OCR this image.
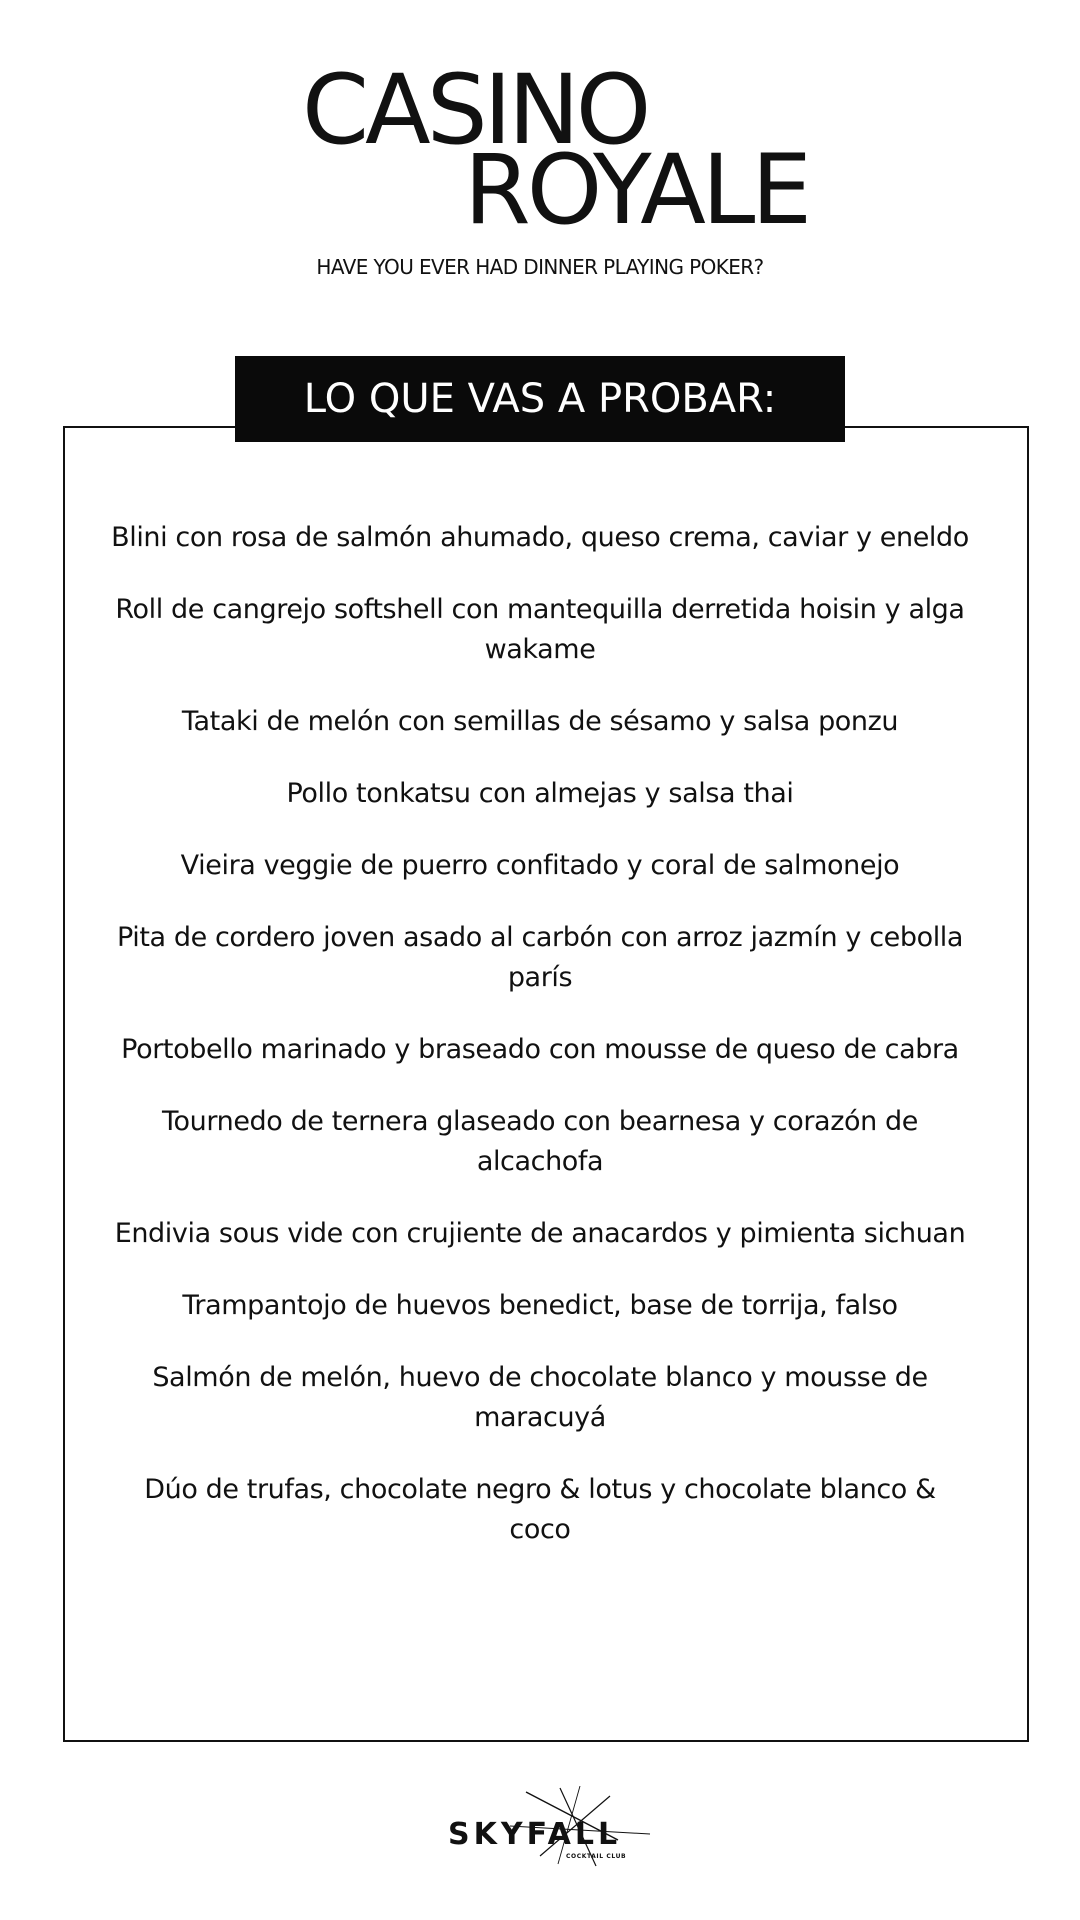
CASINO
ROYALE
HAVE YOU EVER HAD DINNER PLAYING POKER?
LO QUE VAS A PROBAR:
Blini con rosa de salmón ahumado, queso crema, caviar y eneldo
Roll de cangrejo softshell con mantequilla derretida hoisin y alga wakame
Tataki de melón con semillas de sésamo y salsa ponzu
Pollo tonkatsu con almejas y salsa thai
Vieira veggie de puerro confitado y coral de salmonejo
Pita de cordero joven asado al carbón con arroz jazmín y cebolla parís
Portobello marinado y braseado con mousse de queso de cabra
Tournedo de ternera glaseado con bearnesa y corazón de alcachofa
Endivia sous vide con crujiente de anacardos y pimienta sichuan
Trampantojo de huevos benedict, base de torrija, falso
Salmón de melón, huevo de chocolate blanco y mousse de maracuyá
Dúo de trufas, chocolate negro & lotus y chocolate blanco & coco
SKYFALL
COCKTAIL CLUB
